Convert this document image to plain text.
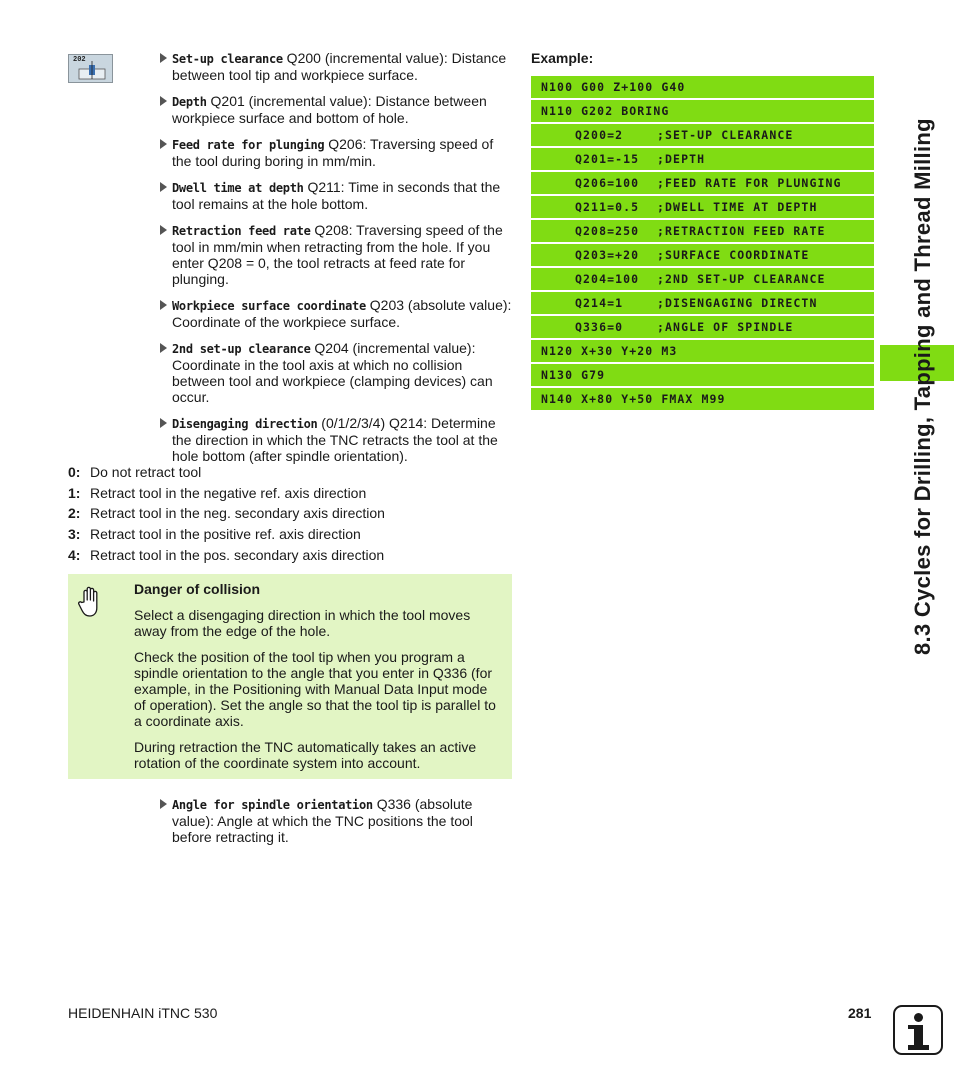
202	Set-up clearance Q200 (incremental value): Distance between tool tip and workpiece surface.
Depth Q201 (incremental value): Distance between workpiece surface and bottom of hole.
Feed rate for plunging Q206: Traversing speed of the tool during boring in mm/min.
Dwell time at depth Q211: Time in seconds that the tool remains at the hole bottom.
Retraction feed rate Q208: Traversing speed of the tool in mm/min when retracting from the hole. If you enter Q208 = 0, the tool retracts at feed rate for plunging.
Workpiece surface coordinate Q203 (absolute value): Coordinate of the workpiece surface.
2nd set-up clearance Q204 (incremental value): Coordinate in the tool axis at which no collision between tool and workpiece (clamping devices) can occur.
Disengaging direction (0/1/2/3/4) Q214: Determine the direction in which the TNC retracts the tool at the hole bottom (after spindle orientation).
0: Do not retract tool
1: Retract tool in the negative ref. axis direction
2: Retract tool in the neg. secondary axis direction
3: Retract tool in the positive ref. axis direction
4: Retract tool in the pos. secondary axis direction
Danger of collision

Select a disengaging direction in which the tool moves away from the edge of the hole.

Check the position of the tool tip when you program a spindle orientation to the angle that you enter in Q336 (for example, in the Positioning with Manual Data Input mode of operation). Set the angle so that the tool tip is parallel to a coordinate axis.

During retraction the TNC automatically takes an active rotation of the coordinate system into account.

Angle for spindle orientation Q336 (absolute value): Angle at which the TNC positions the tool before retracting it.
Example:
N100 G00 Z+100 G40
N110 G202 BORING
Q200=2	;SET-UP CLEARANCE
Q201=-15 ;DEPTH
Q206=100 ;FEED RATE FOR PLUNGING
Q211=0.5 ;DWELL TIME AT DEPTH
Q208=250 ;RETRACTION FEED RATE
Q203=+20 ;SURFACE COORDINATE
Q204=100 ;2ND SET-UP CLEARANCE
Q214=1	;DISENGAGING DIRECTN
Q336=0	;ANGLE OF SPINDLE
N120 X+30 Y+20 M3
N130 G79
N140 X+80 Y+50 FMAX M99	8.3 Cycles for Drilling, Tapping and Thread Milling
HEIDENHAIN iTNC 530	281
